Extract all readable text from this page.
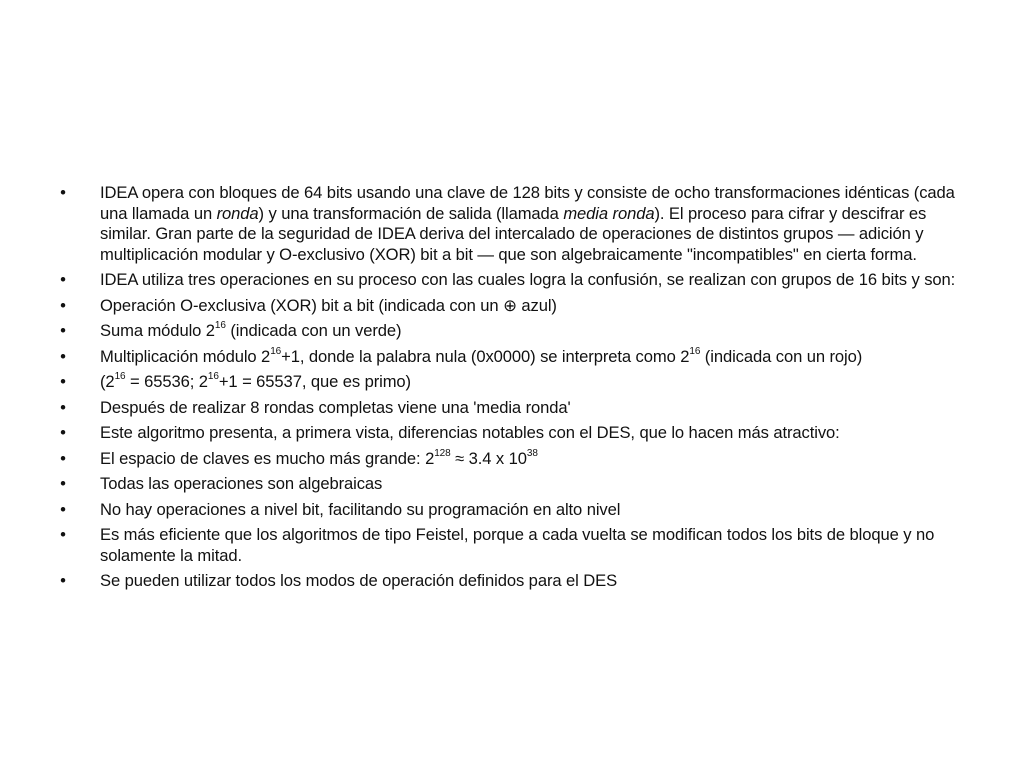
• IDEA opera con bloques de 64 bits usando una clave de 128 bits y consiste de ocho transformaciones idénticas (cada una llamada un ronda) y una transformación de salida (llamada media ronda). El proceso para cifrar y descifrar es similar. Gran parte de la seguridad de IDEA deriva del intercalado de operaciones de distintos grupos — adición y multiplicación modular y O-exclusivo (XOR) bit a bit — que son algebraicamente "incompatibles" en cierta forma.
• IDEA utiliza tres operaciones en su proceso con las cuales logra la confusión, se realizan con grupos de 16 bits y son:
• Operación O-exclusiva (XOR) bit a bit (indicada con un ⊕ azul)
• Suma módulo $2^{16}$ (indicada con un verde)
• Multiplicación módulo $2^{16}+1$, donde la palabra nula (0x0000) se interpreta como $2^{16}$ (indicada con un rojo)
• ($2^{16} = 65536$; $2^{16}+1 = 65537$, que es primo)
• Después de realizar 8 rondas completas viene una 'media ronda'
• Este algoritmo presenta, a primera vista, diferencias notables con el DES, que lo hacen más atractivo:
• El espacio de claves es mucho más grande: $2^{128} \approx 3.4$ x $10^{38}$
• Todas las operaciones son algebraicas
• No hay operaciones a nivel bit, facilitando su programación en alto nivel
• Es más eficiente que los algoritmos de tipo Feistel, porque a cada vuelta se modifican todos los bits de bloque y no solamente la mitad.
• Se pueden utilizar todos los modos de operación definidos para el DES
